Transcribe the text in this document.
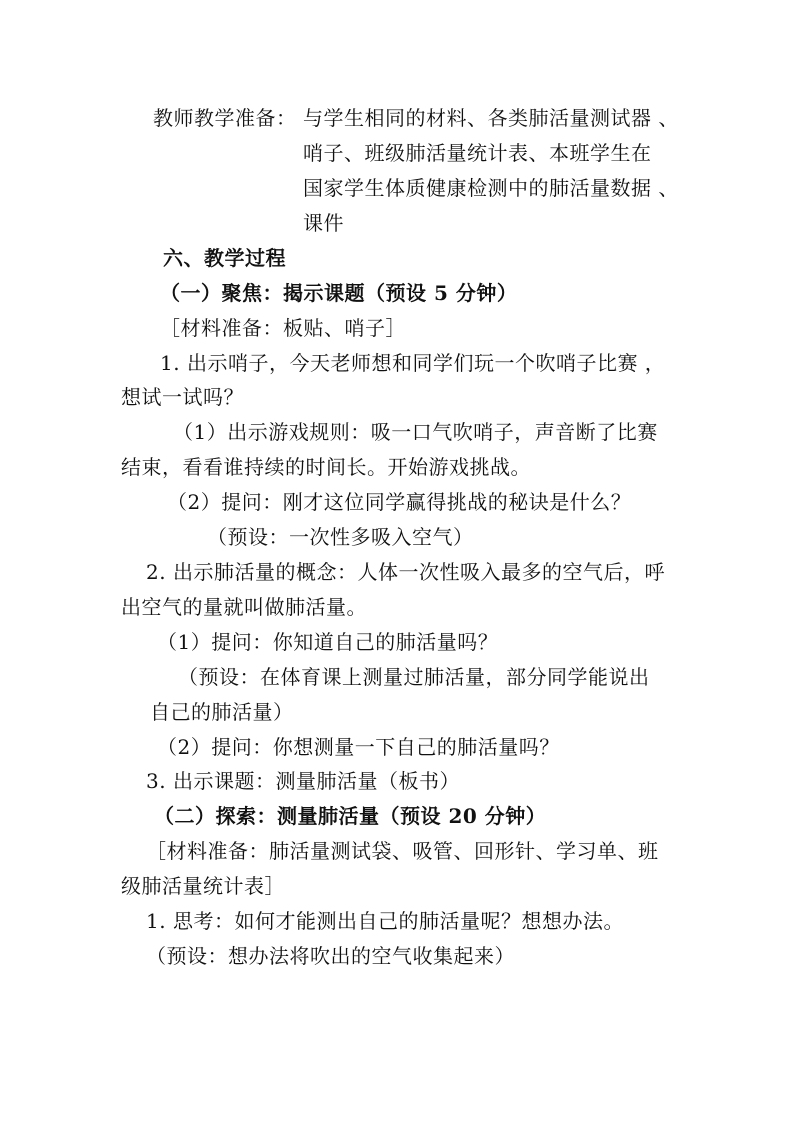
教师教学准备： 与学生相同的材料、各类肺活量测试器 、
哨子、班级肺活量统计表、本班学生在
国家学生体质健康检测中的肺活量数据 、
课件
六、教学过程
（一）聚焦：揭示课题（预设 5 分钟）
［材料准备：板贴、哨子］
1. 出示哨子，今天老师想和同学们玩一个吹哨子比赛 ，
想试一试吗？
（1）出示游戏规则：吸一口气吹哨子，声音断了比赛
结束，看看谁持续的时间长。开始游戏挑战。
（2）提问：刚才这位同学赢得挑战的秘诀是什么？
（预设：一次性多吸入空气）
2. 出示肺活量的概念：人体一次性吸入最多的空气后，呼
出空气的量就叫做肺活量。
（1）提问：你知道自己的肺活量吗？
（预设：在体育课上测量过肺活量，部分同学能说出
自己的肺活量）
（2）提问：你想测量一下自己的肺活量吗？
3. 出示课题：测量肺活量（板书）
（二）探索：测量肺活量（预设 20 分钟）
［材料准备：肺活量测试袋、吸管、回形针、学习单、班
级肺活量统计表］
1. 思考：如何才能测出自己的肺活量呢？想想办法。
（预设：想办法将吹出的空气收集起来）
